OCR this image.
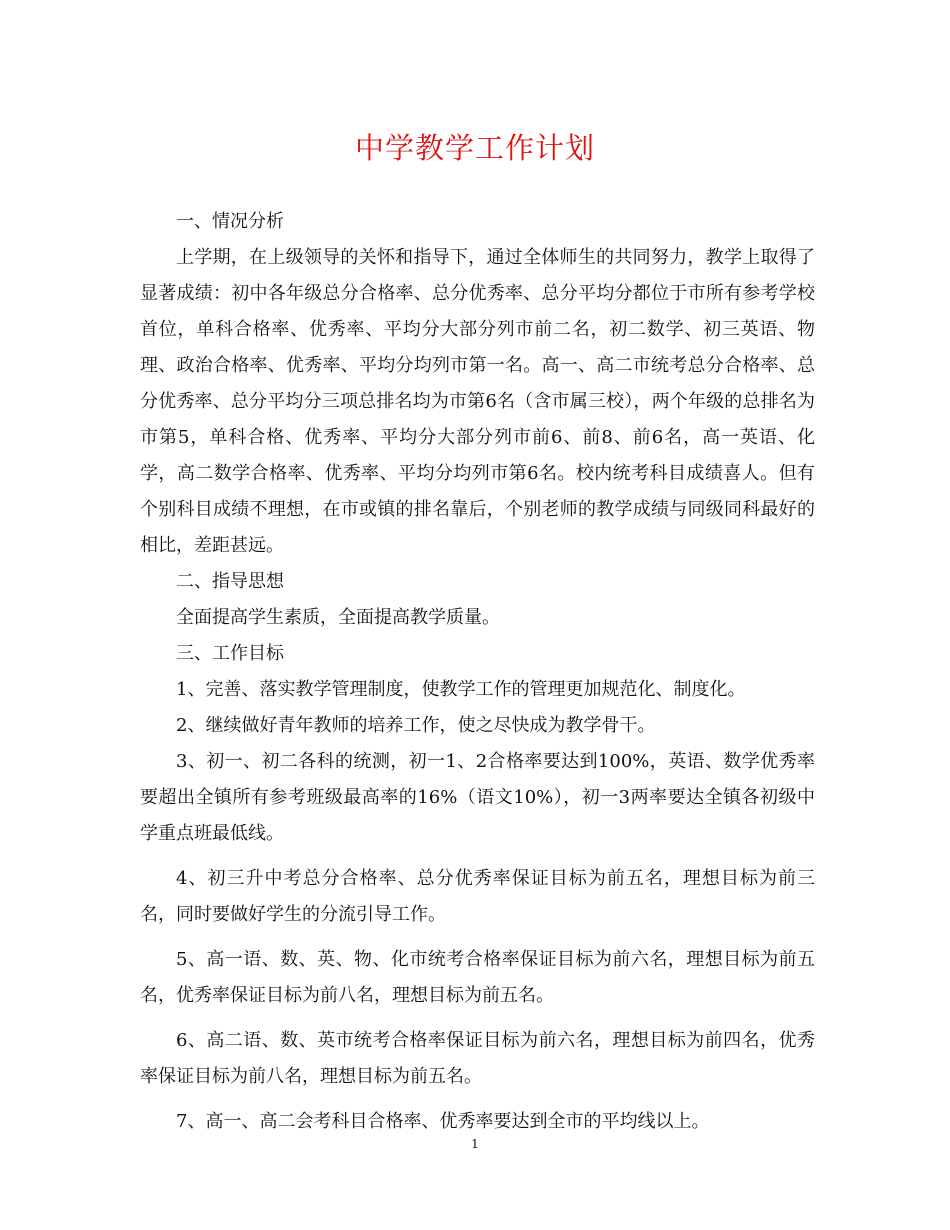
中学教学工作计划

一、情况分析

上学期，在上级领导的关怀和指导下，通过全体师生的共同努力，教学上取得了显著成绩：初中各年级总分合格率、总分优秀率、总分平均分都位于市所有参考学校首位，单科合格率、优秀率、平均分大部分列市前二名，初二数学、初三英语、物理、政治合格率、优秀率、平均分均列市第一名。高一、高二市统考总分合格率、总分优秀率、总分平均分三项总排名均为市第6名（含市属三校），两个年级的总排名为市第5，单科合格、优秀率、平均分大部分列市前6、前8、前6名，高一英语、化学，高二数学合格率、优秀率、平均分均列市第6名。校内统考科目成绩喜人。但有个别科目成绩不理想，在市或镇的排名靠后，个别老师的教学成绩与同级同科最好的相比，差距甚远。

二、指导思想

全面提高学生素质，全面提高教学质量。

三、工作目标

1、完善、落实教学管理制度，使教学工作的管理更加规范化、制度化。

2、继续做好青年教师的培养工作，使之尽快成为教学骨干。

3、初一、初二各科的统测，初一1、2合格率要达到100%，英语、数学优秀率要超出全镇所有参考班级最高率的16%（语文10%），初一3两率要达全镇各初级中学重点班最低线。

4、初三升中考总分合格率、总分优秀率保证目标为前五名，理想目标为前三名，同时要做好学生的分流引导工作。

5、高一语、数、英、物、化市统考合格率保证目标为前六名，理想目标为前五名，优秀率保证目标为前八名，理想目标为前五名。

6、高二语、数、英市统考合格率保证目标为前六名，理想目标为前四名，优秀率保证目标为前八名，理想目标为前五名。

7、高一、高二会考科目合格率、优秀率要达到全市的平均线以上。

1
